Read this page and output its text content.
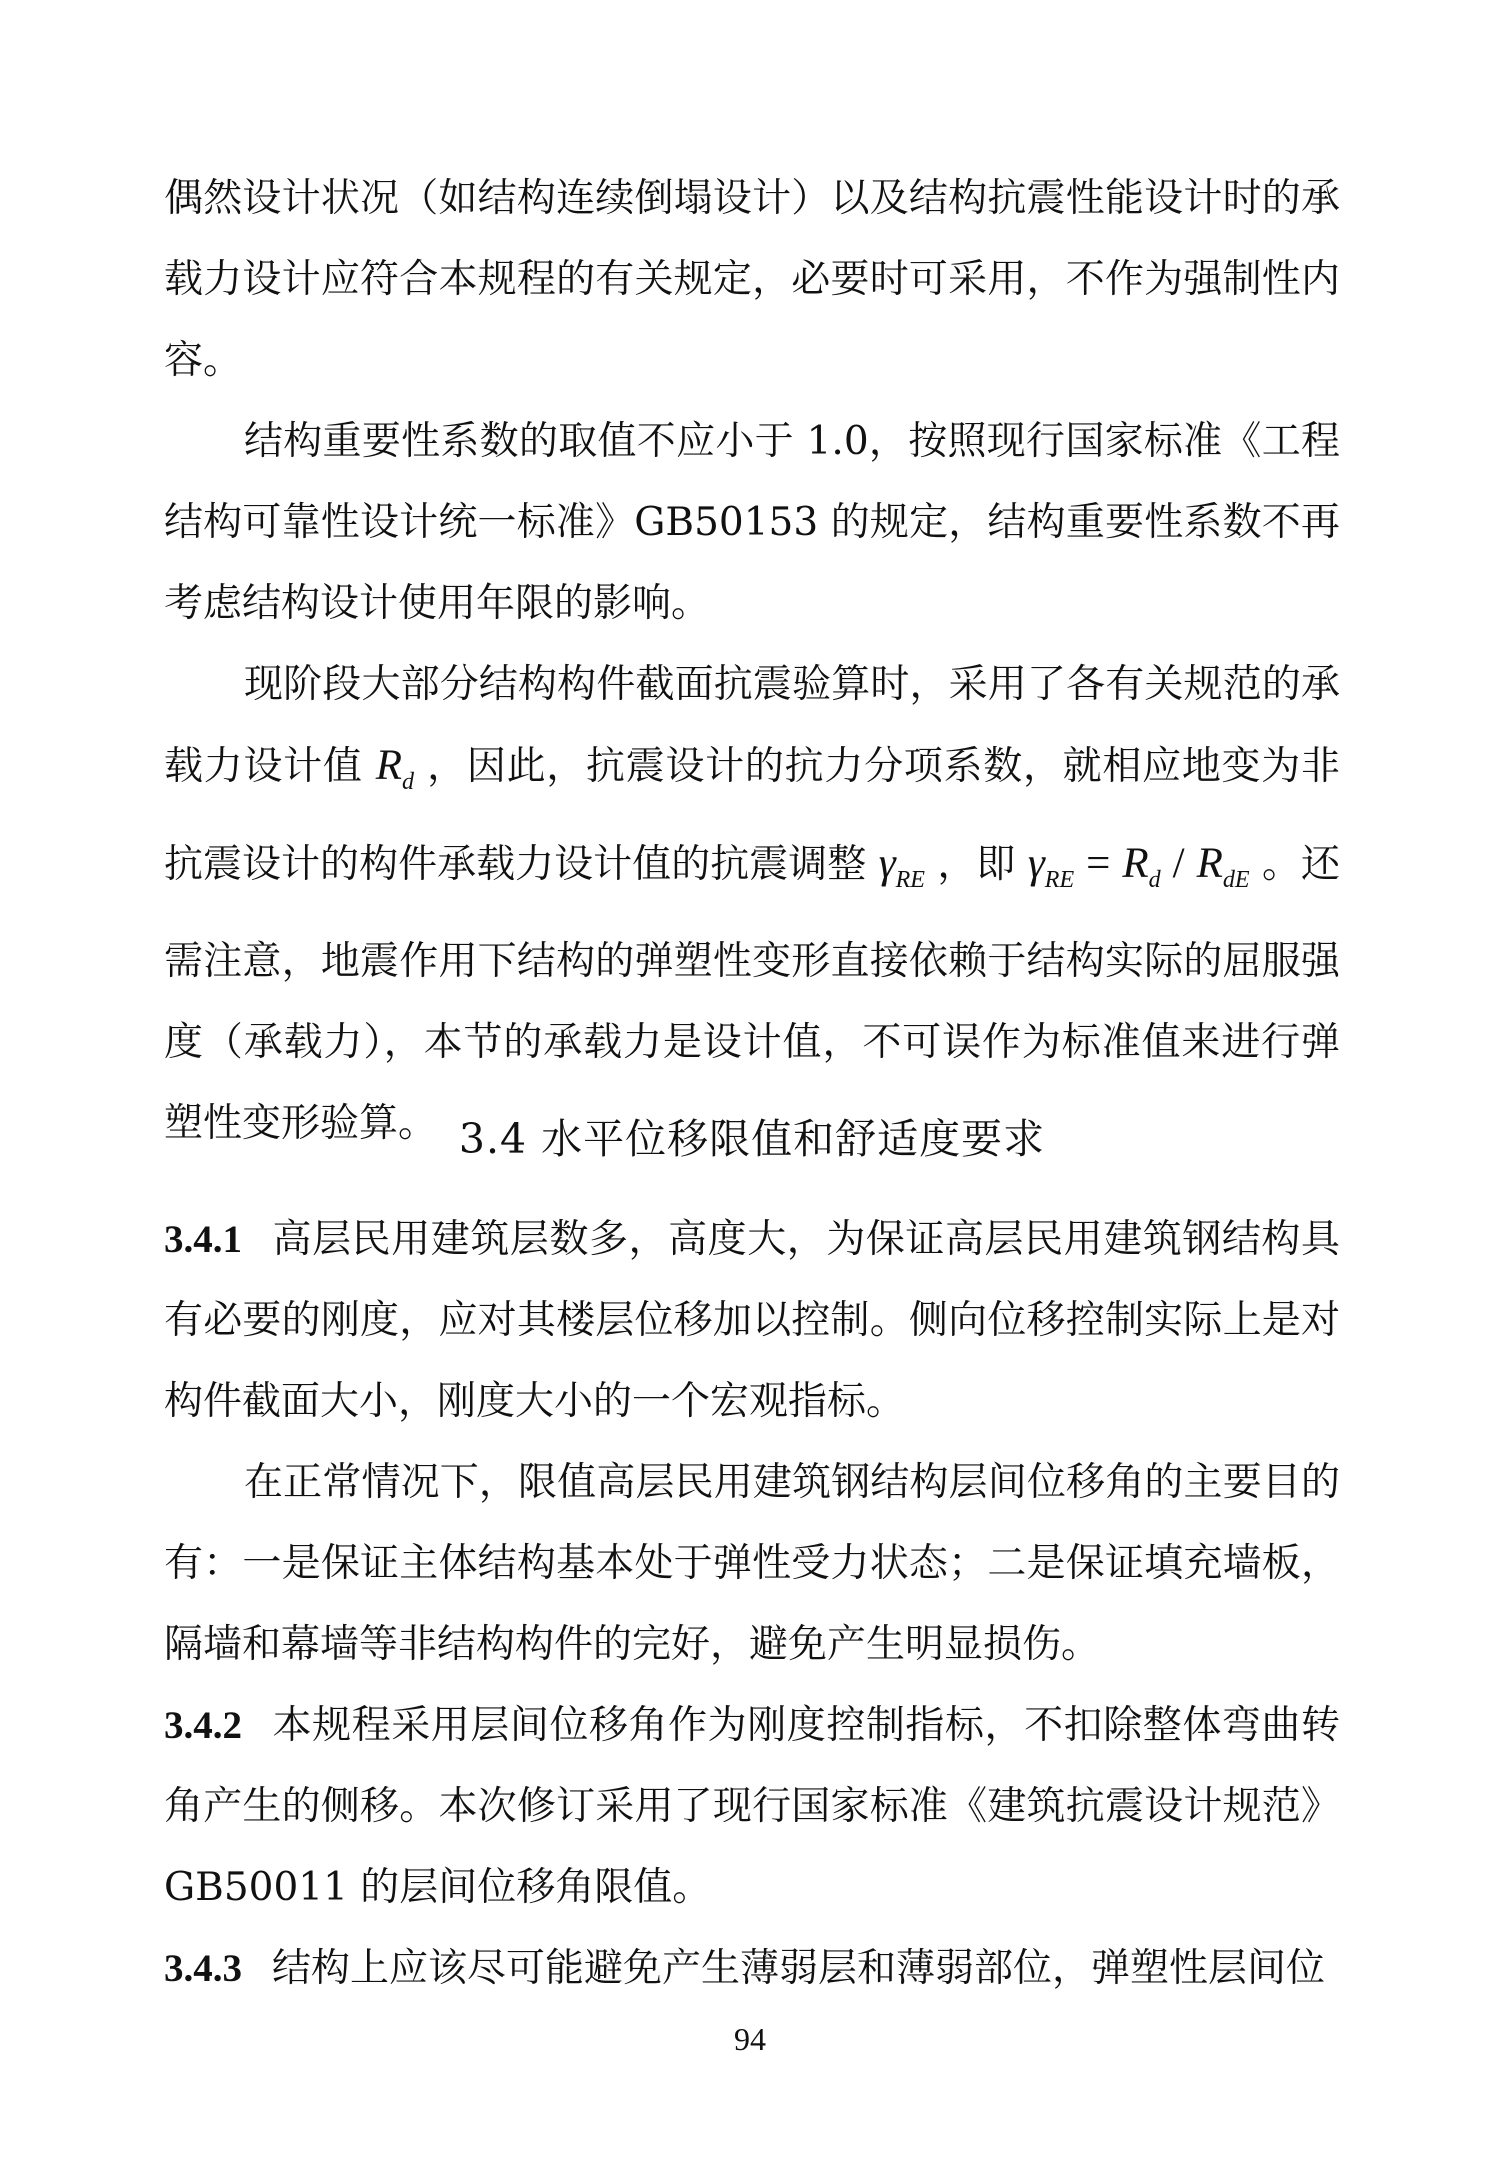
偶然设计状况（如结构连续倒塌设计）以及结构抗震性能设计时的承载力设计应符合本规程的有关规定，必要时可采用，不作为强制性内容。

结构重要性系数的取值不应小于 1.0，按照现行国家标准《工程结构可靠性设计统一标准》GB50153 的规定，结构重要性系数不再考虑结构设计使用年限的影响。

现阶段大部分结构构件截面抗震验算时，采用了各有关规范的承载力设计值 $R_d$ ，因此，抗震设计的抗力分项系数，就相应地变为非抗震设计的构件承载力设计值的抗震调整 $\gamma_{RE}$ ，即 $\gamma_{RE} = R_d / R_{dE}$ 。还需注意，地震作用下结构的弹塑性变形直接依赖于结构实际的屈服强度（承载力），本节的承载力是设计值，不可误作为标准值来进行弹塑性变形验算。 3.4 水平位移限值和舒适度要求

3.4.1 高层民用建筑层数多，高度大，为保证高层民用建筑钢结构具有必要的刚度，应对其楼层位移加以控制。侧向位移控制实际上是对构件截面大小，刚度大小的一个宏观指标。

在正常情况下，限值高层民用建筑钢结构层间位移角的主要目的有：一是保证主体结构基本处于弹性受力状态；二是保证填充墙板，隔墙和幕墙等非结构构件的完好，避免产生明显损伤。

3.4.2 本规程采用层间位移角作为刚度控制指标，不扣除整体弯曲转角产生的侧移。本次修订采用了现行国家标准《建筑抗震设计规范》GB50011 的层间位移角限值。

3.4.3 结构上应该尽可能避免产生薄弱层和薄弱部位，弹塑性层间位

94
